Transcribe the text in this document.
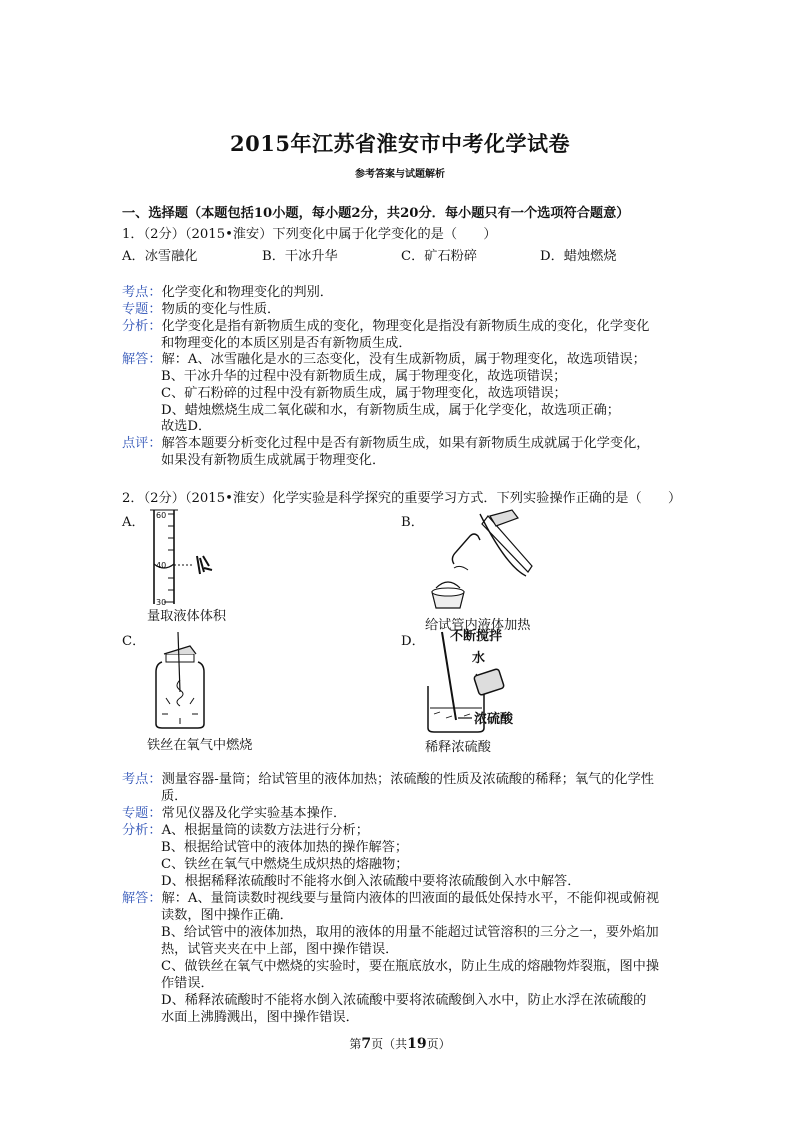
2015年江苏省淮安市中考化学试卷
参考答案与试题解析
一、选择题（本题包括10小题，每小题2分，共20分．每小题只有一个选项符合题意）
1．（2分）（2015•淮安）下列变化中属于化学变化的是（　　）
A．冰雪融化	B．干冰升华	C．矿石粉碎	D．蜡烛燃烧
考点：化学变化和物理变化的判别．
专题：物质的变化与性质．
分析：化学变化是指有新物质生成的变化，物理变化是指没有新物质生成的变化，化学变化
和物理变化的本质区别是否有新物质生成．
解答：解：A、冰雪融化是水的三态变化，没有生成新物质，属于物理变化，故选项错误；
B、干冰升华的过程中没有新物质生成，属于物理变化，故选项错误；
C、矿石粉碎的过程中没有新物质生成，属于物理变化，故选项错误；
D、蜡烛燃烧生成二氧化碳和水，有新物质生成，属于化学变化，故选项正确；
故选D．
点评：解答本题要分析变化过程中是否有新物质生成，如果有新物质生成就属于化学变化，
如果没有新物质生成就属于物理变化．
2．（2分）（2015•淮安）化学实验是科学探究的重要学习方式．下列实验操作正确的是（　　）
A．	B．
C．	D．
60
40
30
量取液体体积
给试管内液体加热
铁丝在氧气中燃烧
不断搅拌
水
浓硫酸
稀释浓硫酸
考点：测量容器-量筒；给试管里的液体加热；浓硫酸的性质及浓硫酸的稀释；氧气的化学性
质．
专题：常见仪器及化学实验基本操作．
分析：A、根据量筒的读数方法进行分析；
B、根据给试管中的液体加热的操作解答；
C、铁丝在氧气中燃烧生成炽热的熔融物；
D、根据稀释浓硫酸时不能将水倒入浓硫酸中要将浓硫酸倒入水中解答．
解答：解：A、量筒读数时视线要与量筒内液体的凹液面的最低处保持水平，不能仰视或俯视
读数，图中操作正确．
B、给试管中的液体加热，取用的液体的用量不能超过试管溶积的三分之一，要外焰加
热，试管夹夹在中上部，图中操作错误．
C、做铁丝在氧气中燃烧的实验时，要在瓶底放水，防止生成的熔融物炸裂瓶，图中操
作错误．
D、稀释浓硫酸时不能将水倒入浓硫酸中要将浓硫酸倒入水中，防止水浮在浓硫酸的
水面上沸腾溅出，图中操作错误．
第7页（共19页）
